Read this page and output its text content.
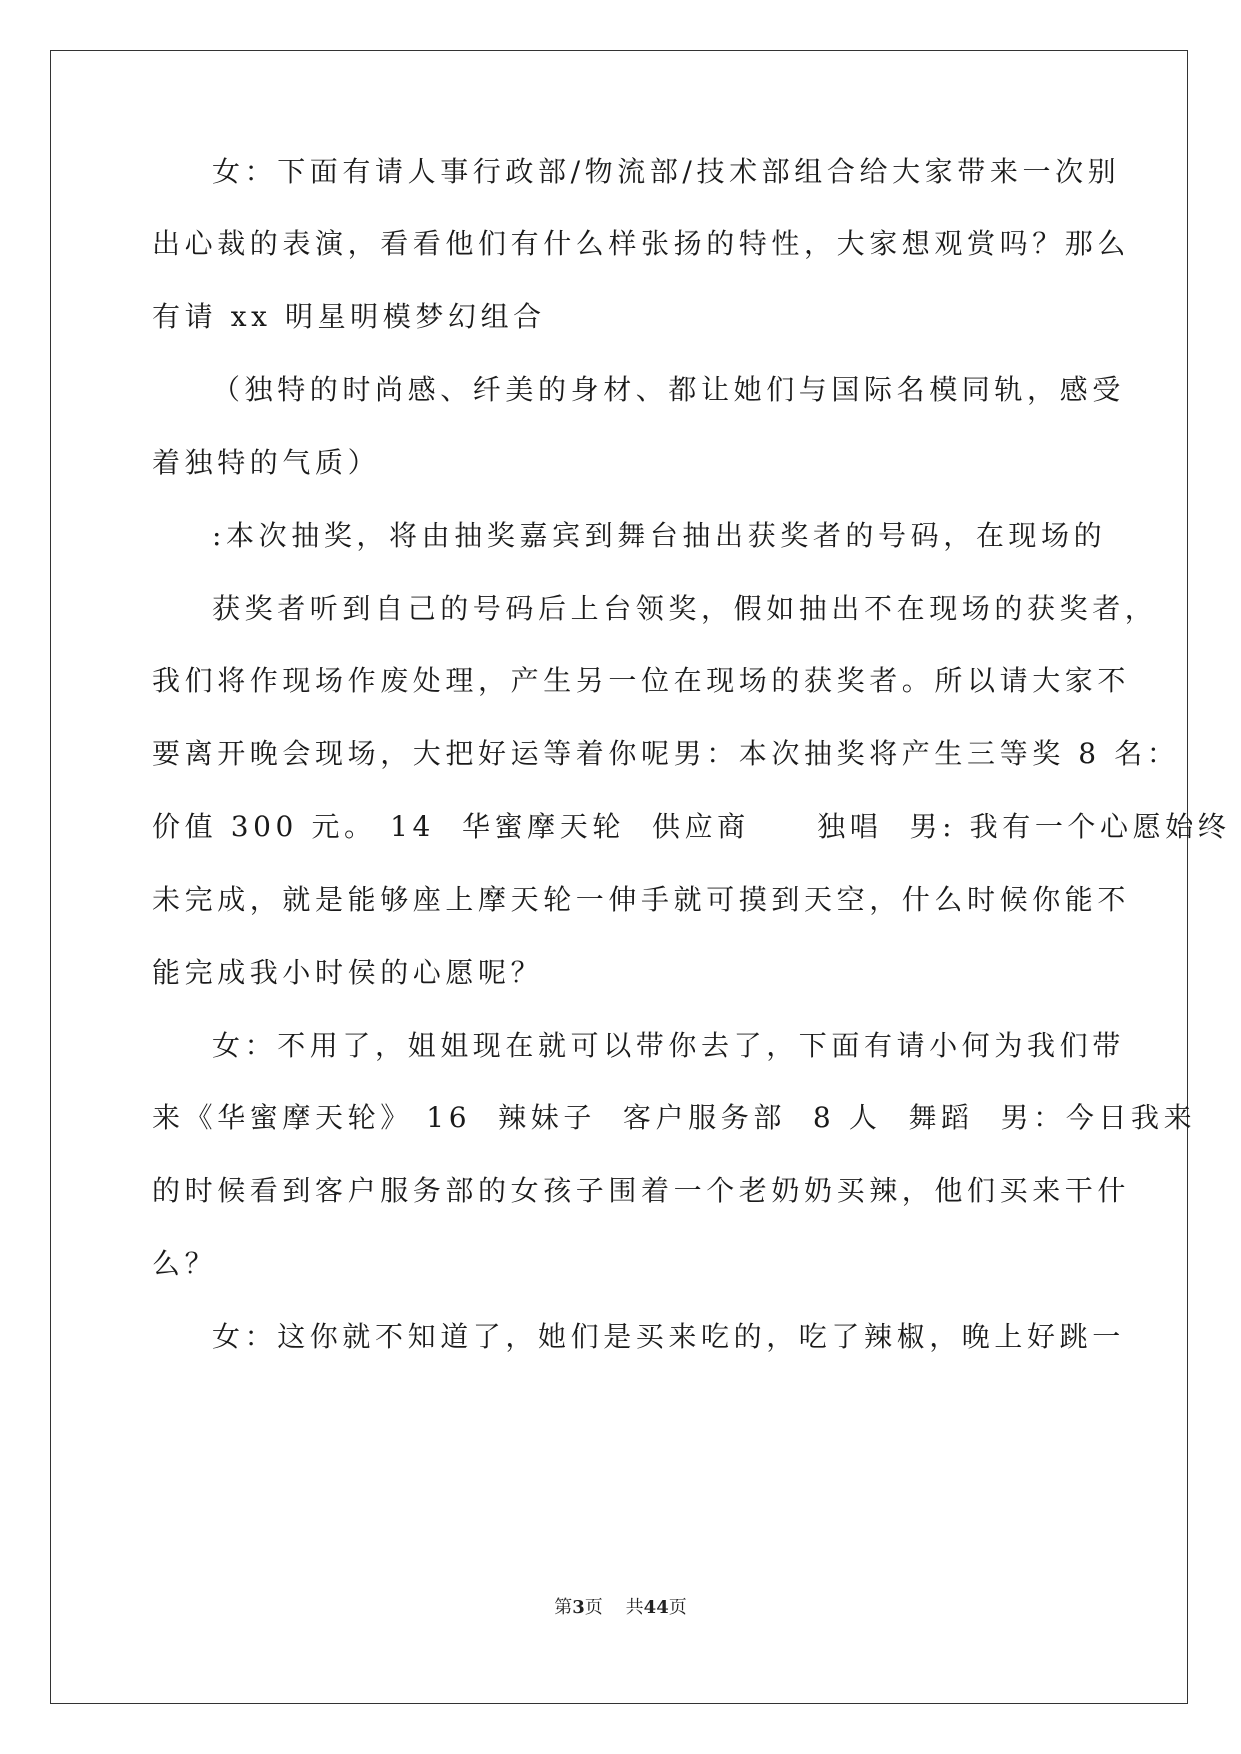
女：下面有请人事行政部/物流部/技术部组合给大家带来一次别
出心裁的表演，看看他们有什么样张扬的特性，大家想观赏吗？那么
有请 xx 明星明模梦幻组合
（独特的时尚感、纤美的身材、都让她们与国际名模同轨，感受
着独特的气质）
:本次抽奖，将由抽奖嘉宾到舞台抽出获奖者的号码，在现场的
获奖者听到自己的号码后上台领奖，假如抽出不在现场的获奖者，
我们将作现场作废处理，产生另一位在现场的获奖者。所以请大家不
要离开晚会现场，大把好运等着你呢男：本次抽奖将产生三等奖 8 名：
价值 300 元。 14  华蜜摩天轮  供应商     独唱  男: 我有一个心愿始终
未完成，就是能够座上摩天轮一伸手就可摸到天空，什么时候你能不
能完成我小时侯的心愿呢？
女：不用了，姐姐现在就可以带你去了，下面有请小何为我们带
来《华蜜摩天轮》 16  辣妹子  客户服务部  8 人  舞蹈  男：今日我来
的时候看到客户服务部的女孩子围着一个老奶奶买辣，他们买来干什
么？
女：这你就不知道了，她们是买来吃的，吃了辣椒，晚上好跳一
第3页    共44页
